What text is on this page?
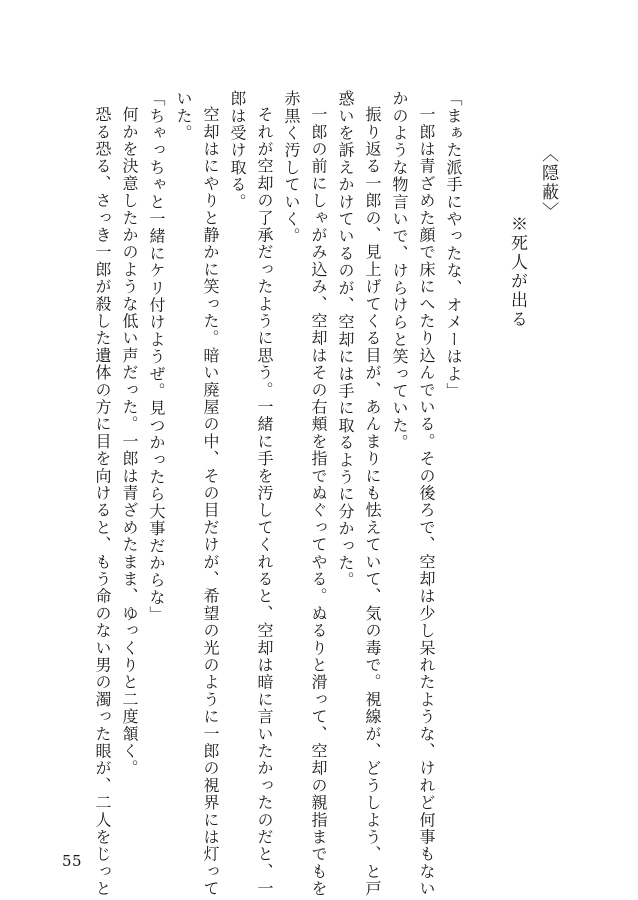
〈隠蔽〉
※死人が出る
「まぁた派手にやったな、オメーはよ」
一郎は青ざめた顔で床にへたり込んでいる。その後ろで、空却は少し呆れたような、けれど何事もない
かのような物言いで、けらけらと笑っていた。
振り返る一郎の、見上げてくる目が、あんまりにも怯えていて、気の毒で。視線が、どうしよう、と戸
惑いを訴えかけているのが、空却には手に取るように分かった。
一郎の前にしゃがみ込み、空却はその右頬を指でぬぐってやる。ぬるりと滑って、空却の親指までもを
赤黒く汚していく。
それが空却の了承だったように思う。一緒に手を汚してくれると、空却は暗に言いたかったのだと、一
郎は受け取る。
空却はにやりと静かに笑った。暗い廃屋の中、その目だけが、希望の光のように一郎の視界には灯って
いた。
「ちゃっちゃと一緒にケリ付けようぜ。見つかったら大事だからな」
何かを決意したかのような低い声だった。一郎は青ざめたまま、ゆっくりと二度頷く。
恐る恐る、さっき一郎が殺した遺体の方に目を向けると、もう命のない男の濁った眼が、二人をじっと
55
